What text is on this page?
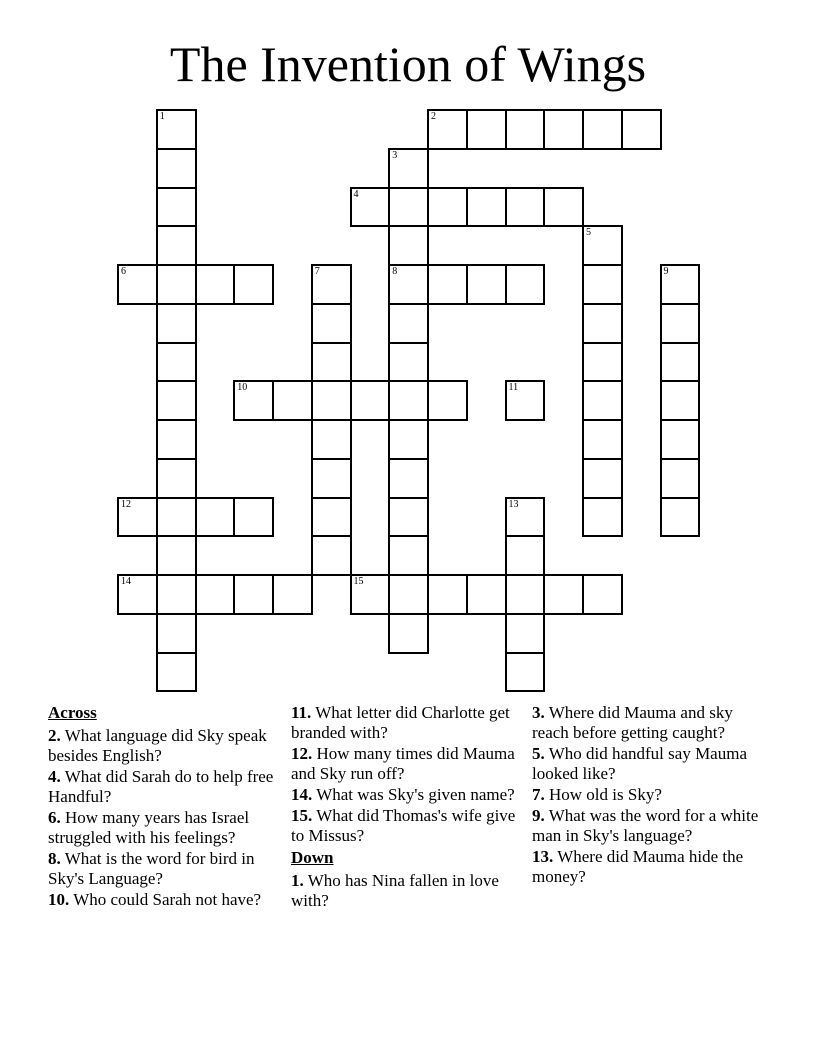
The Invention of Wings
1	2
3
8
4
5
6	7	9
10	11
12	13
14	15
Across
2. What language did Sky speak besides English?
4. What did Sarah do to help free Handful?
6. How many years has Israel struggled with his feelings?
8. What is the word for bird in Sky's Language?
10. Who could Sarah not have?
11. What letter did Charlotte get branded with?
12. How many times did Mauma and Sky run off?
14. What was Sky's given name?
15. What did Thomas's wife give to Missus?
Down
1. Who has Nina fallen in love with?
3. Where did Mauma and sky reach before getting caught?
5. Who did handful say Mauma looked like?
7. How old is Sky?
9. What was the word for a white man in Sky's language?
13. Where did Mauma hide the money?
